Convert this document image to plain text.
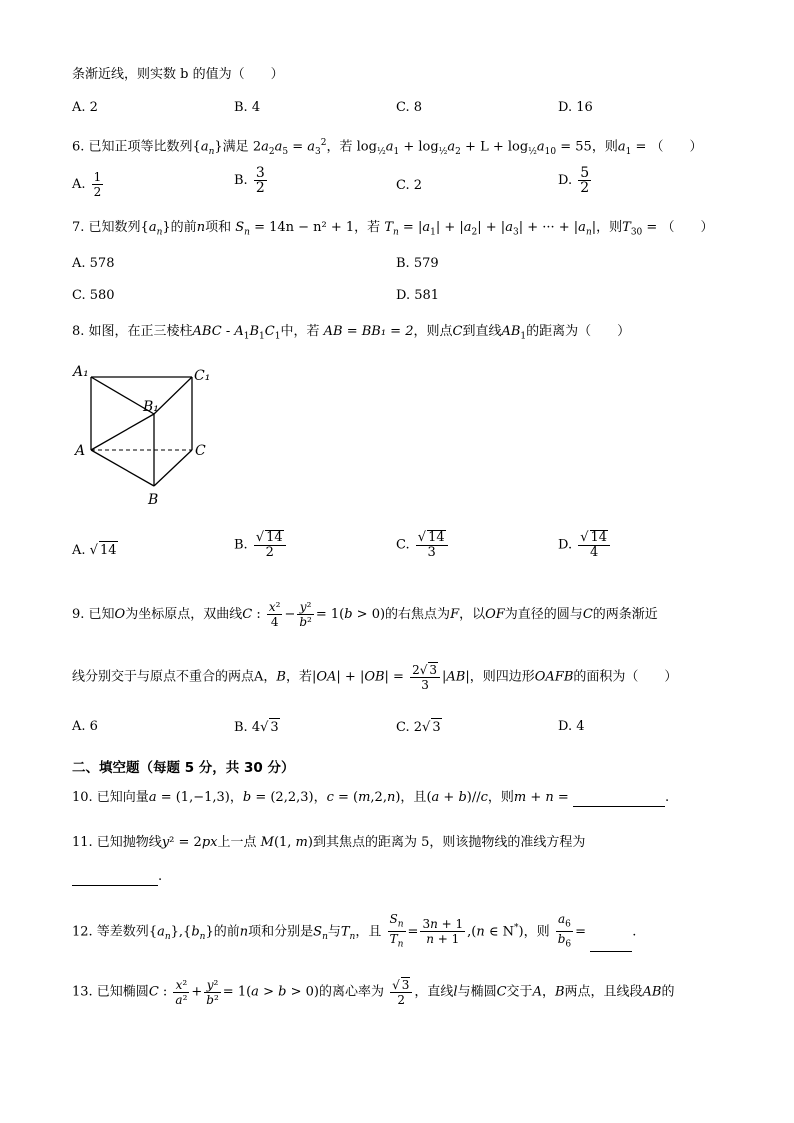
条渐近线，则实数 b 的值为（　　）
A. 2	B. 4	C. 8	D. 16
6. 已知正项等比数列$\{a_n\}$满足 $2a_2a_5 = a_3^2$，若 $\log_{\frac{1}{2}}a_1 + \log_{\frac{1}{2}}a_2 + L + \log_{\frac{1}{2}}a_{10} = 55$，则$a_1$ = （　　）
A. $\frac{1}{2}$	B. $\frac{3}{2}$	C. 2	D. $\frac{5}{2}$
7. 已知数列$\{a_n\}$的前n项和 $S_n = 14n - n^2 + 1$，若 $T_n = |a_1| + |a_2| + |a_3|$ + ··· + $|a_n|$，则$T_{30}$ = （　　）
A. 578	B. 579
C. 580	D. 581
8. 如图，在正三棱柱ABC - $A_1B_1C_1$中，若 AB = BB₁ = 2，则点C到直线$AB_1$的距离为（　　）
A₁	C₁
B₁
A	C
B
A. √ 14	B. $\frac{√ 14}{2}$	C. $\frac{√ 14}{3}$	D. $\frac{√ 14}{4}$
9. 已知O为坐标原点，双曲线C : $\frac{\text{x²}}{4} - \frac{\text{y²}}{\text{b²}} = 1(b > 0)$的右焦点为F，以OF为直径的圆与C的两条渐近
线分别交于与原点不重合的两点A，B，若$|OA| + |OB| = \frac{2√ 3}{3} |AB|$，则四边形OAFB的面积为（　　）
A. 6	B. 4√ 3	C. 2√ 3	D. 4
二、填空题（每题 5 分，共 30 分）
10. 已知向量a = (1,−1,3)，b = (2,2,3)，c = (m,2,n)，且(a + b)//c，则m + n =	.
11. 已知抛物线y² = 2px上一点 M(1, m)到其焦点的距离为 5，则该抛物线的准线方程为
.
12. 等差数列$\{a_n\},\{b_n\}$的前n项和分别是$S_n$与$T_n$，且 $\frac{S_n}{T_n} = \frac{3n + 1}{n + 1} ,(n$ ∈ N*)，则 $\frac{a_6}{b_6}$ =	.
13. 已知椭圆C : $\frac{\text{x²}}{\text{a²}} + \frac{\text{y²}}{\text{b²}} = 1(a > b > 0)$的离心率为 $\frac{√ 3}{2}$ ，直线l与椭圆C交于A，B两点，且线段AB的
